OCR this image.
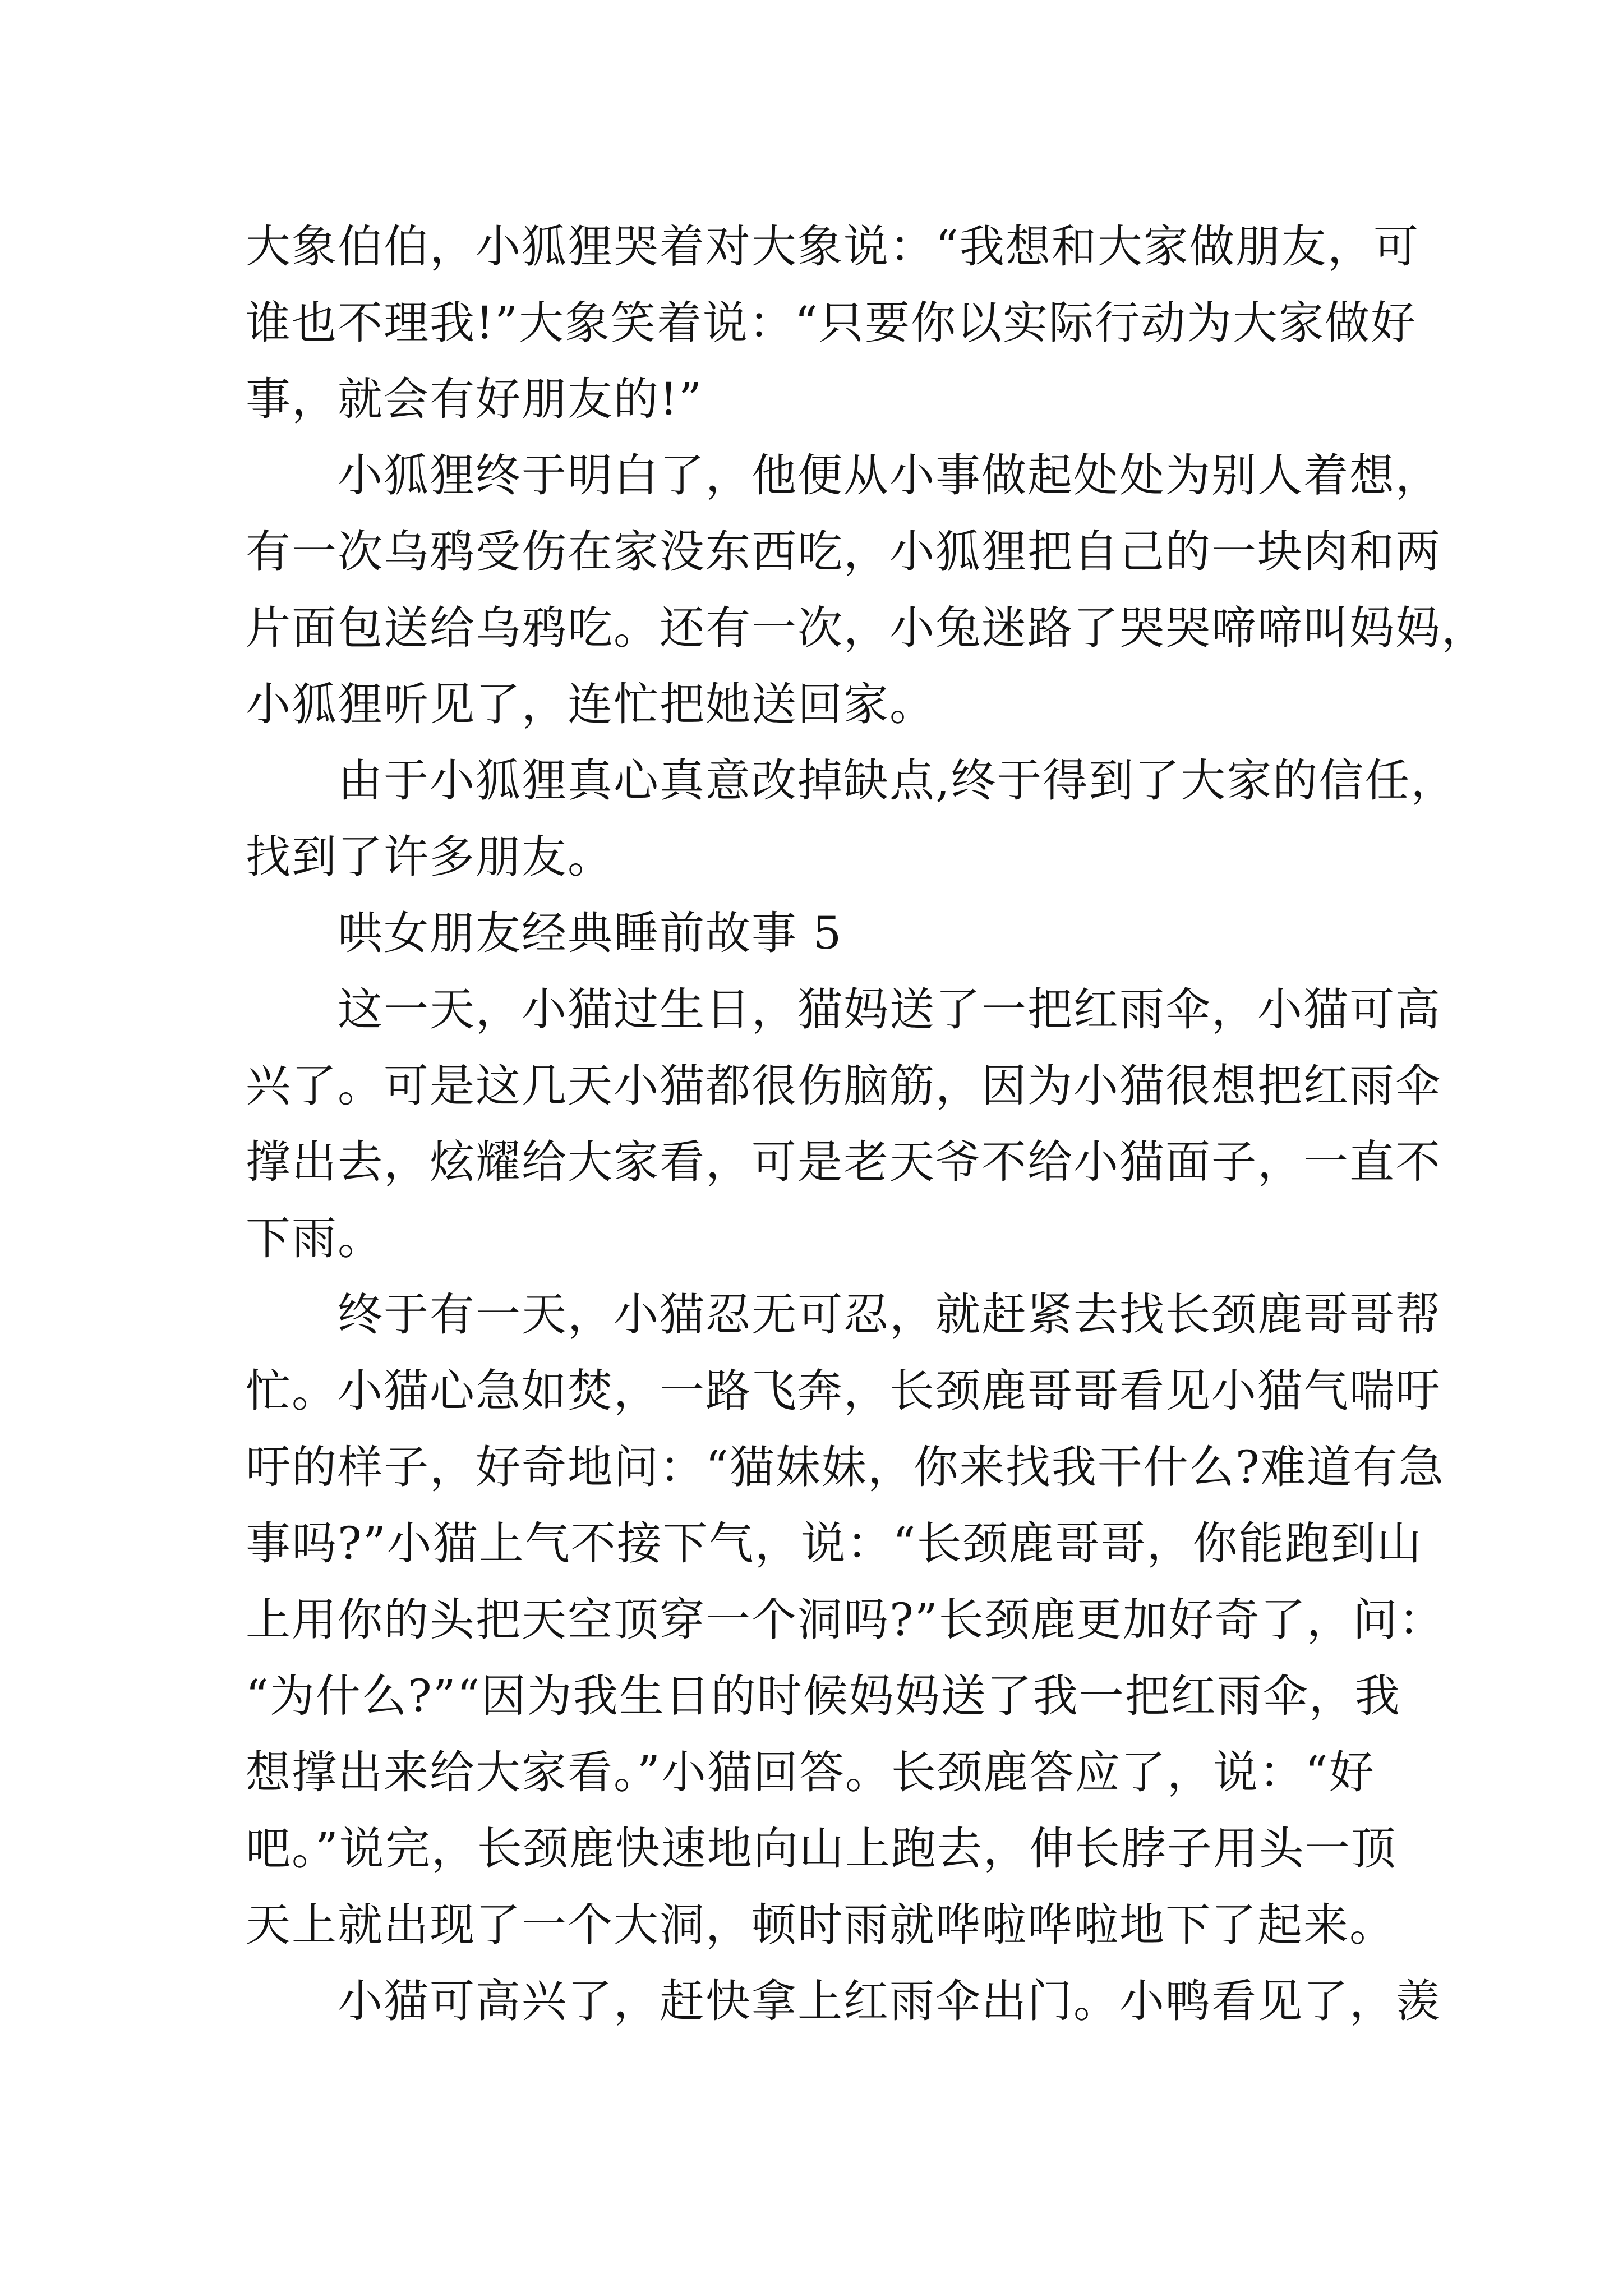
大象伯伯，小狐狸哭着对大象说：“我想和大家做朋友，可
谁也不理我!”大象笑着说：“只要你以实际行动为大家做好
事，就会有好朋友的!”
小狐狸终于明白了，他便从小事做起处处为别人着想，
有一次乌鸦受伤在家没东西吃，小狐狸把自己的一块肉和两
片面包送给乌鸦吃。还有一次，小兔迷路了哭哭啼啼叫妈妈，
小狐狸听见了，连忙把她送回家。
由于小狐狸真心真意改掉缺点,终于得到了大家的信任，
找到了许多朋友。
哄女朋友经典睡前故事 5
这一天，小猫过生日，猫妈送了一把红雨伞，小猫可高
兴了。可是这几天小猫都很伤脑筋，因为小猫很想把红雨伞
撑出去，炫耀给大家看，可是老天爷不给小猫面子，一直不
下雨。
终于有一天，小猫忍无可忍，就赶紧去找长颈鹿哥哥帮
忙。小猫心急如焚，一路飞奔，长颈鹿哥哥看见小猫气喘吁
吁的样子，好奇地问：“猫妹妹，你来找我干什么?难道有急
事吗?”小猫上气不接下气，说：“长颈鹿哥哥，你能跑到山
上用你的头把天空顶穿一个洞吗?”长颈鹿更加好奇了，问：
“为什么?”“因为我生日的时候妈妈送了我一把红雨伞，我
想撑出来给大家看。”小猫回答。长颈鹿答应了，说：“好
吧。”说完，长颈鹿快速地向山上跑去，伸长脖子用头一顶
天上就出现了一个大洞，顿时雨就哗啦哗啦地下了起来。
小猫可高兴了，赶快拿上红雨伞出门。小鸭看见了，羡
